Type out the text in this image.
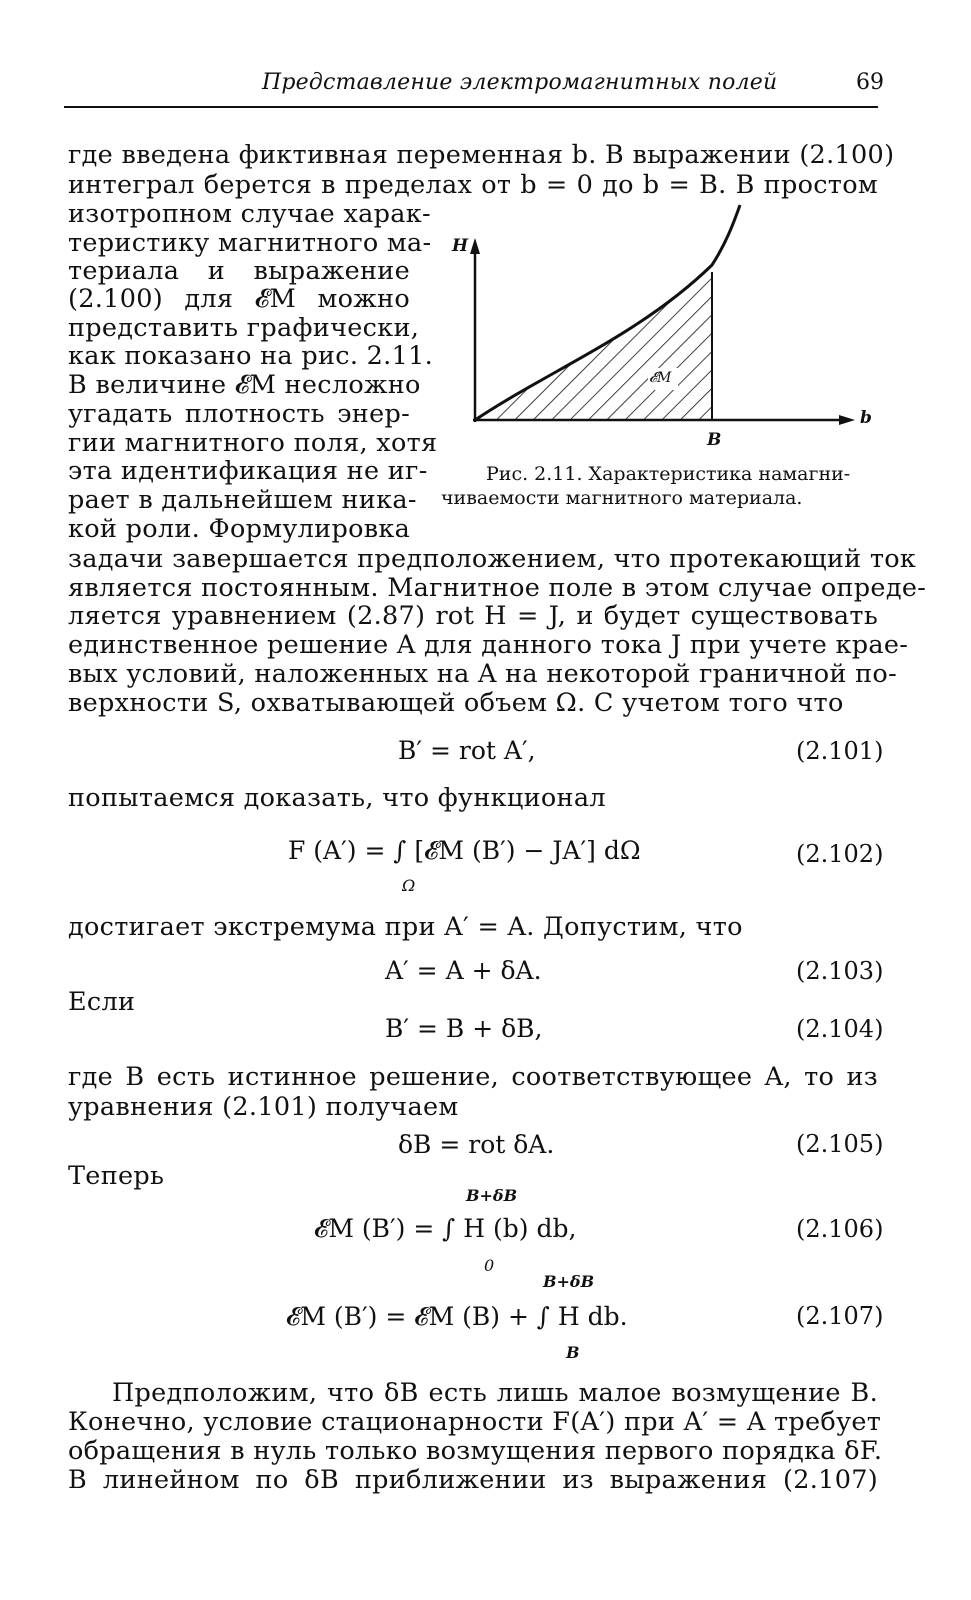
Представление электромагнитных полей	69
где введена фиктивная переменная b. В выражении (2.100)
интеграл берется в пределах от b = 0 до b = B. В простом
изотропном случае харак-
теристику магнитного ма-
териала и выражение
(2.100) для 𝓔M можно
представить графически,
как показано на рис. 2.11.
В величине 𝓔M несложно
угадать плотность энер-
гии магнитного поля, хотя
эта идентификация не иг-
рает в дальнейшем ника-
кой роли. Формулировка
H
b
B
𝓔M
Рис. 2.11. Характеристика намагни-
чиваемости магнитного материала.
задачи завершается предположением, что протекающий ток
является постоянным. Магнитное поле в этом случае опреде-
ляется уравнением (2.87) rot H = J, и будет существовать
единственное решение A для данного тока J при учете крае-
вых условий, наложенных на A на некоторой граничной по-
верхности S, охватывающей объем Ω. С учетом того что
B′ = rot A′,	(2.101)
попытаемся доказать, что функционал
F (A′) = ∫ [𝓔M (B′) − JA′] dΩ
Ω
(2.102)
достигает экстремума при A′ = A. Допустим, что
A′ = A + δA.	(2.103)
Если
B′ = B + δB,	(2.104)
где B есть истинное решение, соответствующее A, то из
уравнения (2.101) получаем
δB = rot δA.	(2.105)
Теперь
B+δB
𝓔M (B′) = ∫ H (b) db,
0
(2.106)
B+δB
𝓔M (B′) = 𝓔M (B) + ∫ H db.
B
(2.107)
Предположим, что δB есть лишь малое возмущение B.
Конечно, условие стационарности F(A′) при A′ = A требует
обращения в нуль только возмущения первого порядка δF.
В линейном по δB приближении из выражения (2.107)
